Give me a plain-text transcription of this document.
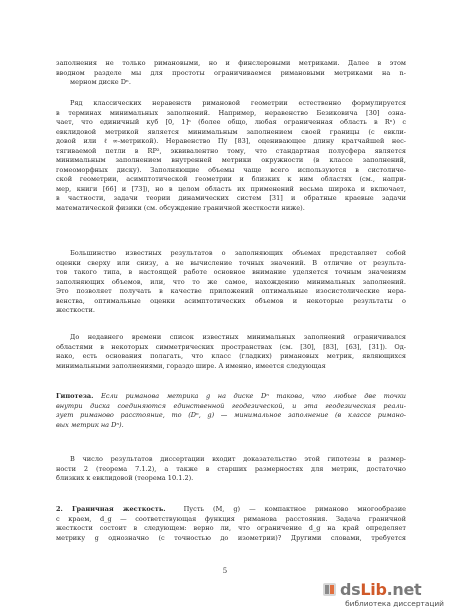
заполнения не только римановыми, но и финслеровыми метриками. Далее в этом
вводном разделе мы для простоты ограничиваемся римановыми метриками на n-
мерном диске Dⁿ.
Ряд классических неравенств римановой геометрии естественно формулируется
в терминах минимальных заполнений. Например, неравенство Безиковича [30] озна-
чает, что единичный куб [0, 1]ⁿ (более общо, любая ограниченная область в Rⁿ) с
евклидовой метрикой является минимальным заполнением своей границы (с евкли-
довой или ℓ∞-метрикой). Неравенство Пу [83], оценивающее длину кратчайшей нес-
тягиваемой петли в RP², эквивалентно тому, что стандартная полусфера является
минимальным заполнением внутренней метрики окружности (в классе заполнений,
гомеоморфных диску). Заполняющие объемы чаще всего используются в систоличе-
ской геометрии, асимптотической геометрии и близких к ним областях (см., напри-
мер, книги [66] и [73]), но в целом область их применений весьма широка и включает,
в частности, задачи теории динамических систем [31] и обратные краевые задачи
математической физики (см. обсуждение граничной жесткости ниже).
Большинство известных результатов о заполняющих объемах представляет собой
оценки сверху или снизу, а не вычисление точных значений. В отличие от результа-
тов такого типа, в настоящей работе основное внимание уделяется точным значениям
заполняющих объемов, или, что то же самое, нахождению минимальных заполнений.
Это позволяет получать в качестве приложений оптимальные изосистолические нера-
венства, оптимальные оценки асимптотических объемов и некоторые результаты о
жесткости.
До недавнего времени список известных минимальных заполнений ограничивался
областями в некоторых симметрических пространствах (см. [30], [83], [63], [31]). Од-
нако, есть основания полагать, что класс (гладких) римановых метрик, являющихся
минимальными заполнениями, гораздо шире. А именно, имеется следующая
Гипотеза. Если риманова метрика g на диске Dⁿ такова, что любые две точки
внутри диска соединяются единственной геодезической, и эта геодезическая реали-
зует риманово расстояние, то (Dⁿ, g) — минимальное заполнение (в классе римано-
вых метрик на Dⁿ).
В число результатов диссертации входит доказательство этой гипотезы в размер-
ности 2 (теорема 7.1.2), а также в старших размерностях для метрик, достаточно
близких к евклидовой (теорема 10.1.2).
2. Граничная жесткость.	Пусть (M, g) — компактное риманово многообразие
с краем, d_g — соответствующая функция римановa расстояния. Задача граничной
жесткости состоит в следующем: верно ли, что ограничение d_g на край определяет
метрику g однозначно (с точностью до изометрии)? Другими словами, требуется
5
dsLib.net
библиотека диссертаций
